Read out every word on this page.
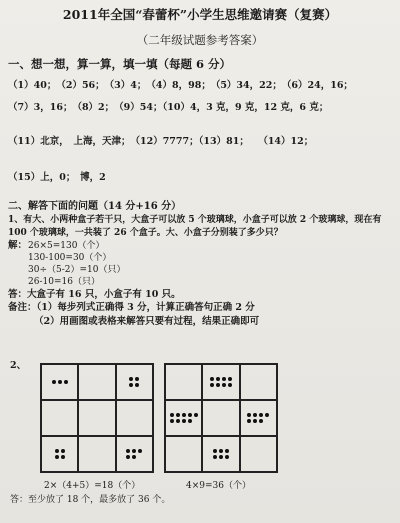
2011年全国“春蕾杯”小学生思维邀请赛（复赛）
（二年级试题参考答案）
一、想一想，算一算，填一填（每题 6 分）
（1）40；　（2）56；　（3）4；　（4）8，98；　（5）34，22；　（6）24，16；
（7）3，16；　（8）2；　（9）54；（10）4，3 克，9 克，12 克，6 克；
（11）北京，　上海，天津；　（12）7777；（13）81；　　（14）12；
（15）上，0；　博，2
二、解答下面的问题（14 分+16 分）
1、有大、小两种盒子若干只，大盒子可以放 5 个玻璃球，小盒子可以放 2 个玻璃球，现在有
100 个玻璃球，一共装了 26 个盒子。大、小盒子分别装了多少只？
解： 26×5=130（个）
130-100=30（个）
30÷（5-2）=10（只）
26-10=16（只）
答：大盒子有 16 只，小盒子有 10 只。
备注：（1）每步列式正确得 3 分，计算正确答句正确 2 分
（2）用画图或表格来解答只要有过程，结果正确即可
2、
2×（4+5）=18（个）	4×9=36（个）
答：至少放了 18 个，最多放了 36 个。
